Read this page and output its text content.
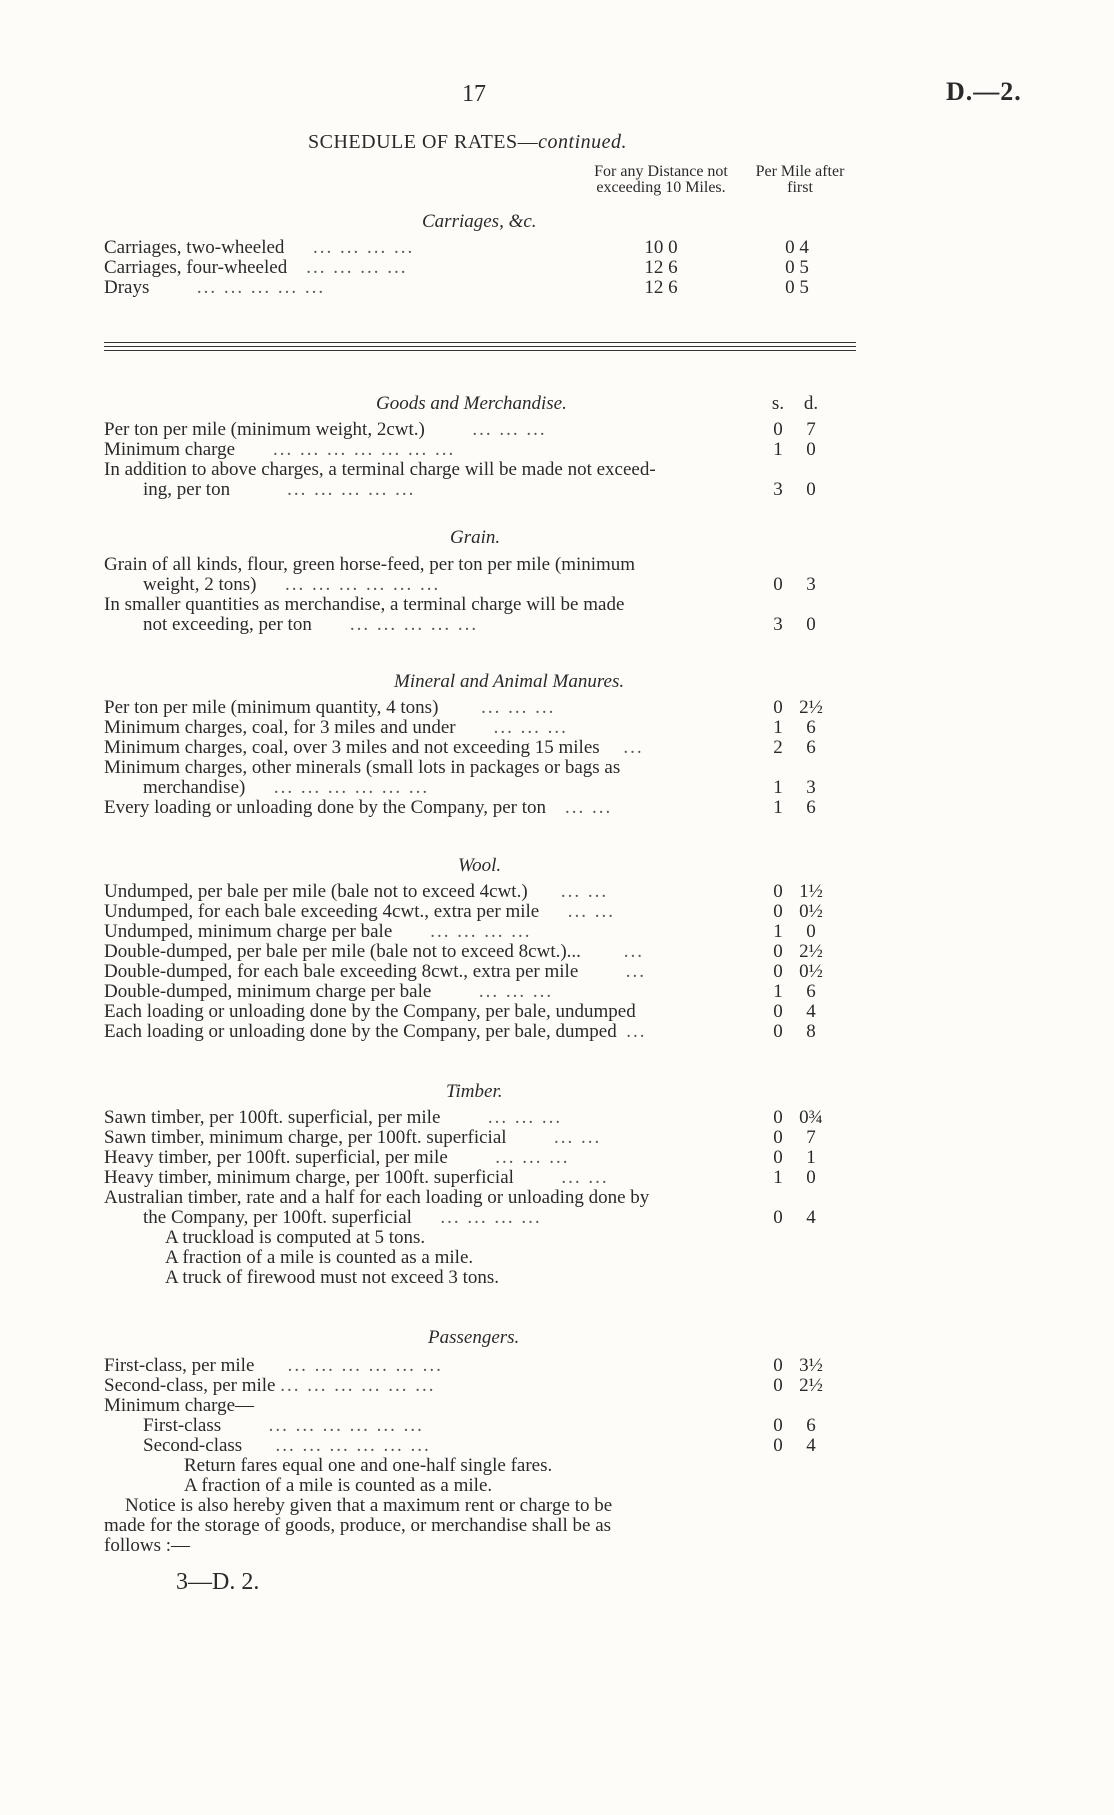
17	D.—2.
SCHEDULE OF RATES—continued.
For any Distance not exceeding 10 Miles.
Per Mile after first
Carriages, &c.
Carriages, two-wheeled ... ... ... ...	10 0	0 4
Carriages, four-wheeled ... ... ... ...	12 6	0 5
Drays	... ... ... ... ...	12 6	0 5
Goods and Merchandise.	s.	d.
Per ton per mile (minimum weight, 2cwt.)	... ... ...	0	7
Minimum charge ... ... ... ... ... ... ...	1	0
In addition to above charges, a terminal charge will be made not exceed-
ing, per ton	... ... ... ... ...	3	0
Grain.
Grain of all kinds, flour, green horse-feed, per ton per mile (minimum
weight, 2 tons) ... ... ... ... ... ...	0	3
In smaller quantities as merchandise, a terminal charge will be made
not exceeding, per ton ... ... ... ... ...	3	0
Mineral and Animal Manures.
Per ton per mile (minimum quantity, 4 tons) ... ... ...	0 2½
Minimum charges, coal, for 3 miles and under ... ... ...	1	6
Minimum charges, coal, over 3 miles and not exceeding 15 miles ...	2	6
Minimum charges, other minerals (small lots in packages or bags as
merchandise) ... ... ... ... ... ...	1	3
Every loading or unloading done by the Company, per ton ... ...	1	6
Wool.
Undumped, per bale per mile (bale not to exceed 4cwt.) ... ...	0 1½
Undumped, for each bale exceeding 4cwt., extra per mile ... ...	0 0½
Undumped, minimum charge per bale ... ... ... ...	1	0
Double-dumped, per bale per mile (bale not to exceed 8cwt.)... ...	0 2½
Double-dumped, for each bale exceeding 8cwt., extra per mile	...	0 0½
Double-dumped, minimum charge per bale	... ... ...	1	6
Each loading or unloading done by the Company, per bale, undumped	0	4
Each loading or unloading done by the Company, per bale, dumped ...	0	8
Timber.
Sawn timber, per 100ft. superficial, per mile	... ... ...	0 0¾
Sawn timber, minimum charge, per 100ft. superficial	... ...	0	7
Heavy timber, per 100ft. superficial, per mile	... ... ...	0	1
Heavy timber, minimum charge, per 100ft. superficial	... ...	1	0
Australian timber, rate and a half for each loading or unloading done by
the Company, per 100ft. superficial ... ... ... ...	0	4
A truckload is computed at 5 tons.
A fraction of a mile is counted as a mile.
A truck of firewood must not exceed 3 tons.
Passengers.
First-class, per mile ... ... ... ... ... ...	0 3½
Second-class, per mile ... ... ... ... ... ...	0 2½
Minimum charge—
First-class	... ... ... ... ... ...	0	6
Second-class ... ... ... ... ... ...	0	4
Return fares equal one and one-half single fares.
A fraction of a mile is counted as a mile.
Notice is also hereby given that a maximum rent or charge to be
made for the storage of goods, produce, or merchandise shall be as
follows :—
3—D. 2.
